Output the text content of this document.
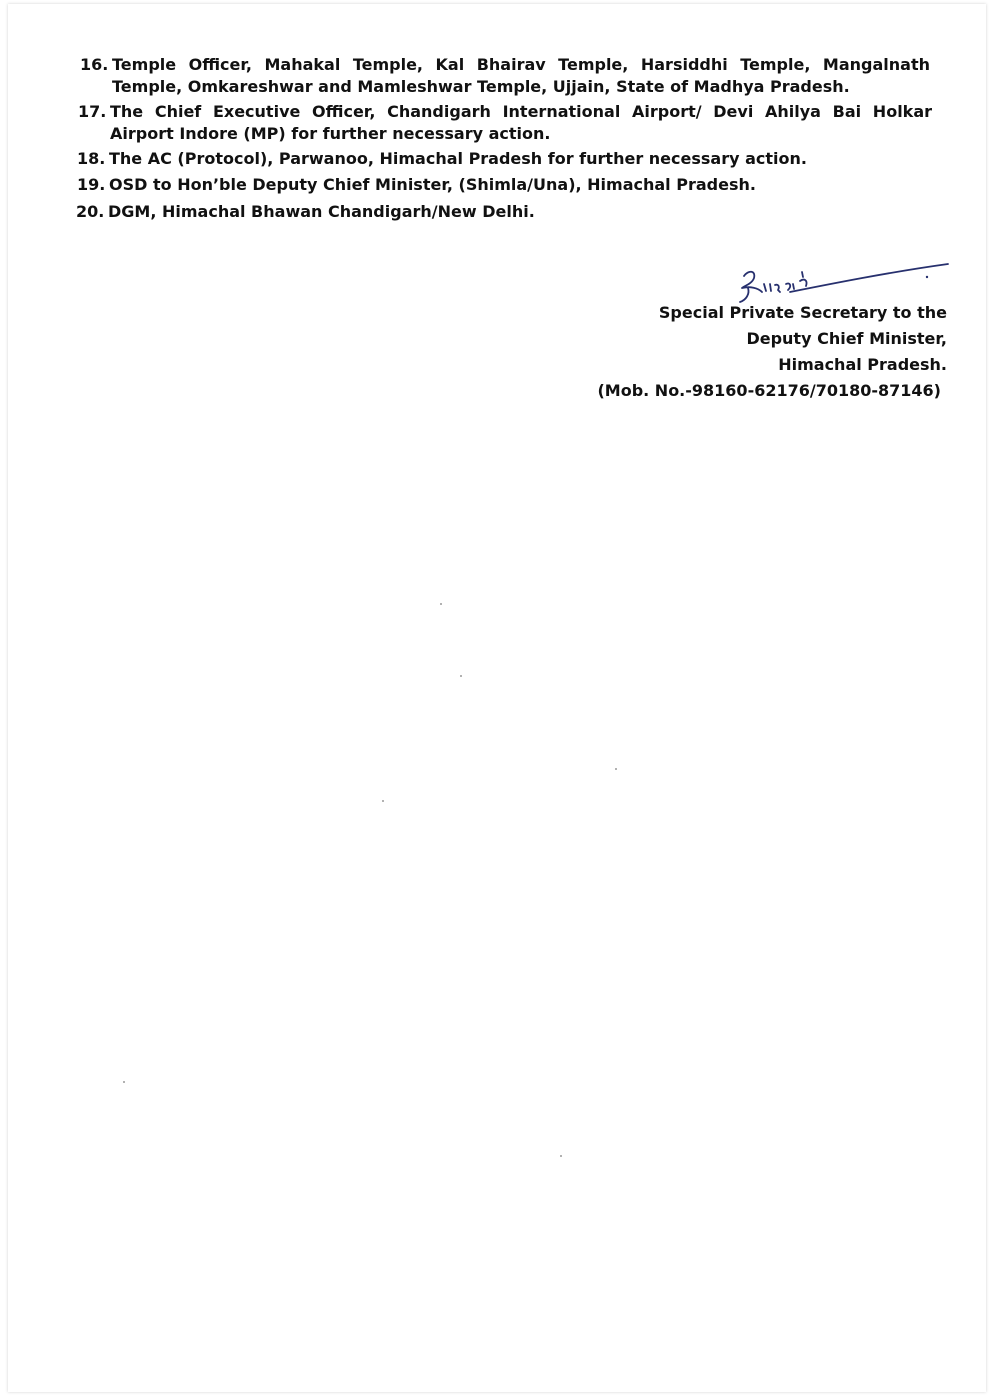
16. Temple Officer, Mahakal Temple, Kal Bhairav Temple, Harsiddhi Temple, Mangalnath
Temple, Omkareshwar and Mamleshwar Temple, Ujjain, State of Madhya Pradesh.
17. The Chief Executive Officer, Chandigarh International Airport/ Devi Ahilya Bai Holkar
Airport Indore (MP) for further necessary action.
18. The AC (Protocol), Parwanoo, Himachal Pradesh for further necessary action.
19. OSD to Hon’ble Deputy Chief Minister, (Shimla/Una), Himachal Pradesh.
20. DGM, Himachal Bhawan Chandigarh/New Delhi.
Special Private Secretary to the
Deputy Chief Minister,
Himachal Pradesh.
(Mob. No.-98160-62176/70180-87146)
